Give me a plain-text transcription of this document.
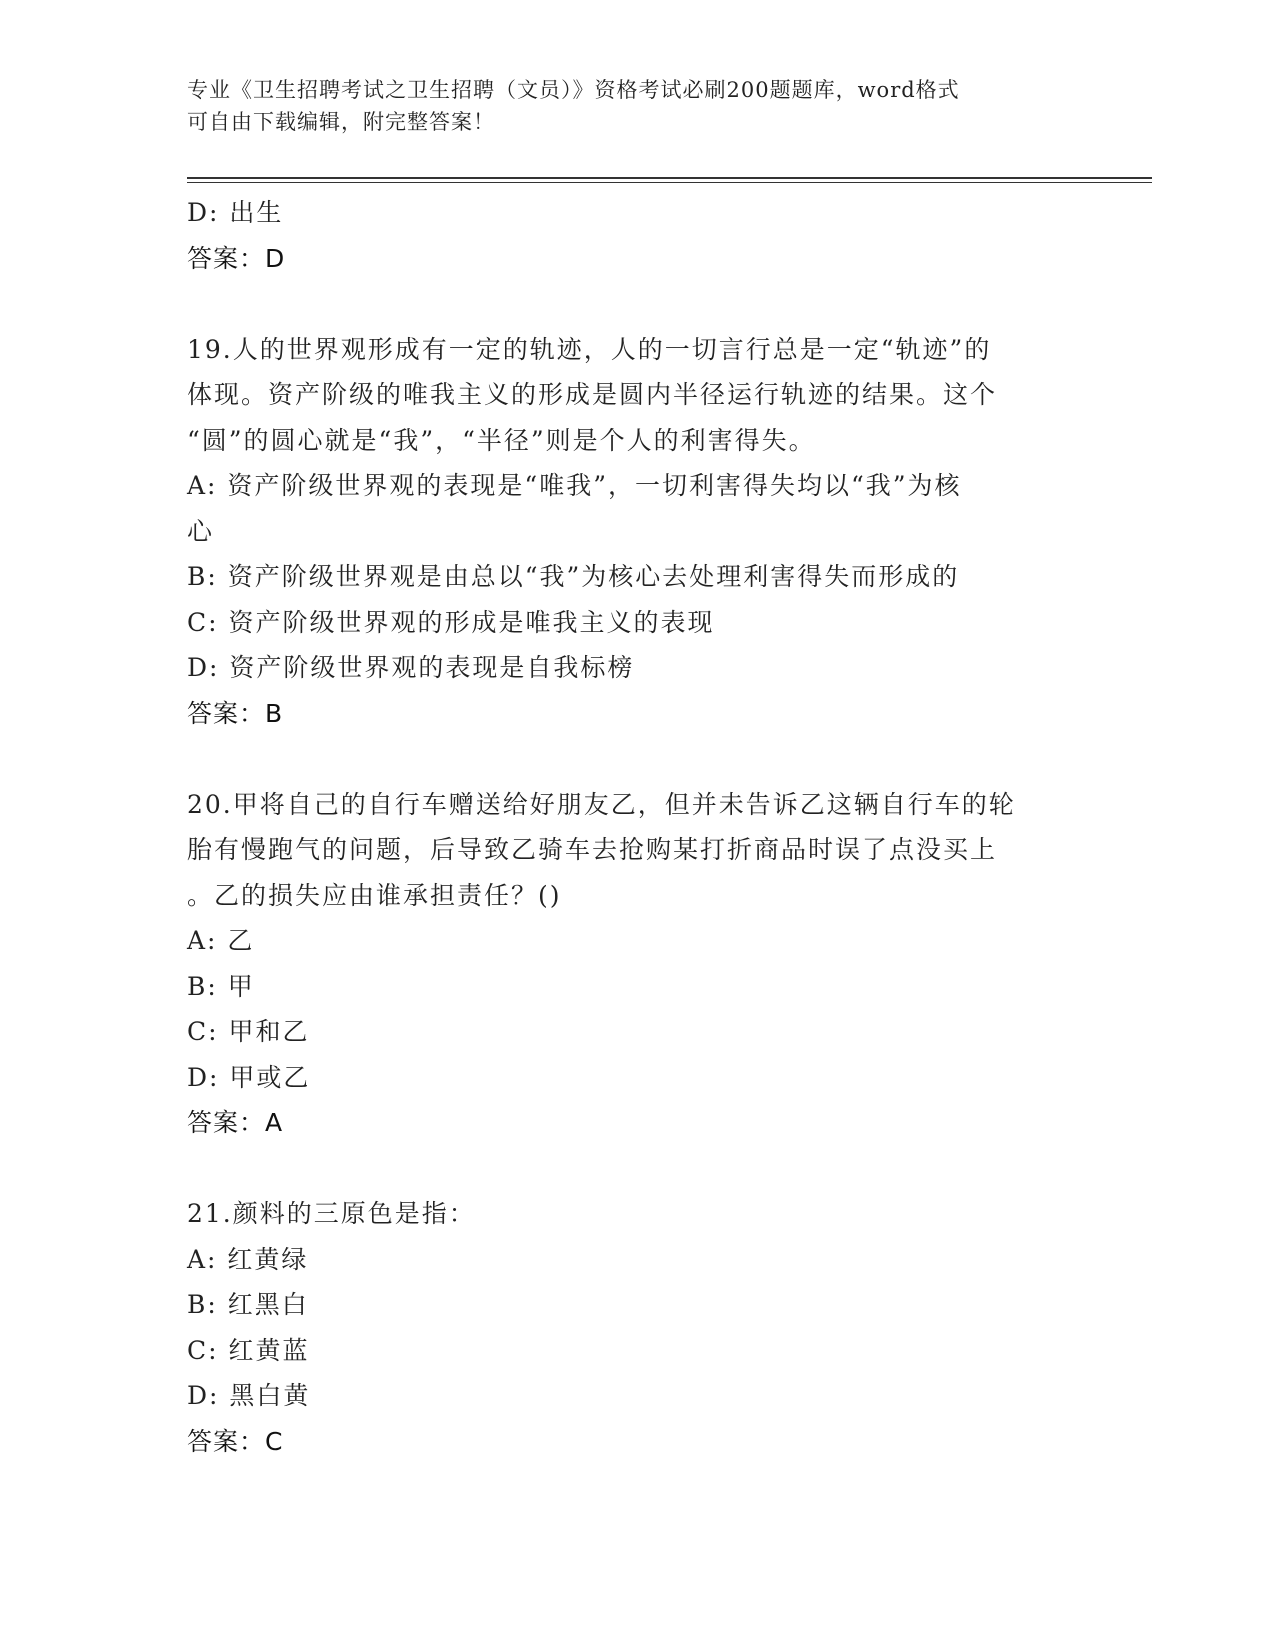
专业《卫生招聘考试之卫生招聘（文员）》资格考试必刷200题题库，word格式
可自由下载编辑，附完整答案！
D: 出生
答案：D
19.人的世界观形成有一定的轨迹，人的一切言行总是一定“轨迹”的
体现。资产阶级的唯我主义的形成是圆内半径运行轨迹的结果。这个
“圆”的圆心就是“我”，“半径”则是个人的利害得失。
A: 资产阶级世界观的表现是“唯我”，一切利害得失均以“我”为核
心
B: 资产阶级世界观是由总以“我”为核心去处理利害得失而形成的
C: 资产阶级世界观的形成是唯我主义的表现
D: 资产阶级世界观的表现是自我标榜
答案：B
20.甲将自己的自行车赠送给好朋友乙，但并未告诉乙这辆自行车的轮
胎有慢跑气的问题，后导致乙骑车去抢购某打折商品时误了点没买上
。乙的损失应由谁承担责任？()
A: 乙
B: 甲
C: 甲和乙
D: 甲或乙
答案：A
21.颜料的三原色是指：
A: 红黄绿
B: 红黑白
C: 红黄蓝
D: 黑白黄
答案：C
